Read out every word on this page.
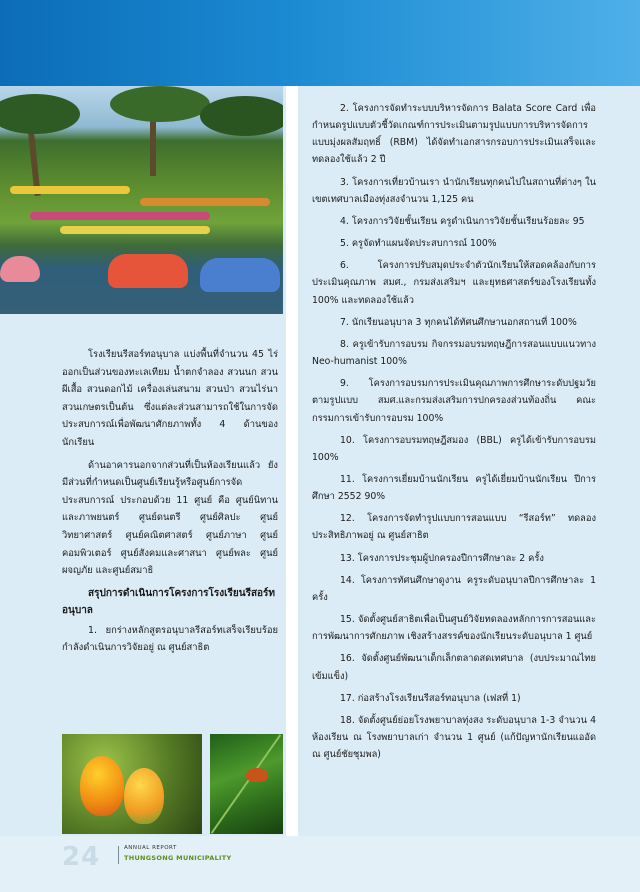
โรงเรียนรีสอร์ทอนุบาล แบ่งพื้นที่จำนวน 45 ไร่ ออกเป็นส่วนของทะเลเทียม น้ำตกจำลอง สวนนก สวนผีเสื้อ สวนดอกไม้ เครื่องเล่นสนาม สวนป่า สวนไร่นา สวนเกษตรเป็นต้น ซึ่งแต่ละส่วนสามารถใช้ในการจัดประสบการณ์เพื่อพัฒนาศักยภาพทั้ง 4 ด้านของนักเรียน

ด้านอาคารนอกจากส่วนที่เป็นห้องเรียนแล้ว ยังมีส่วนที่กำหนดเป็นศูนย์เรียนรู้หรือศูนย์การจัดประสบการณ์ ประกอบด้วย 11 ศูนย์ คือ ศูนย์นิทานและภาพยนตร์ ศูนย์ดนตรี ศูนย์ศิลปะ ศูนย์วิทยาศาสตร์ ศูนย์คณิตศาสตร์ ศูนย์ภาษา ศูนย์คอมพิวเตอร์ ศูนย์สังคมและศาสนา ศูนย์พละ ศูนย์ผจญภัย และศูนย์สมาธิ

สรุปการดำเนินการโครงการโรงเรียนรีสอร์ทอนุบาล

1. ยกร่างหลักสูตรอนุบาลรีสอร์ทเสร็จเรียบร้อยกำลังดำเนินการวิจัยอยู่ ณ ศูนย์สาธิต

2. โครงการจัดทำระบบบริหารจัดการ Balata Score Card เพื่อกำหนดรูปแบบตัวชี้วัดเกณฑ์การประเมินตามรูปแบบการบริหารจัดการแบบมุ่งผลสัมฤทธิ์ (RBM) ได้จัดทำเอกสารกรอบการประเมินเสร็จและทดลองใช้แล้ว 2 ปี

3. โครงการเที่ยวบ้านเรา นำนักเรียนทุกคนไปในสถานที่ต่างๆ ในเขตเทศบาลเมืองทุ่งสงจำนวน 1,125 คน

4. โครงการวิจัยชั้นเรียน ครูดำเนินการวิจัยชั้นเรียนร้อยละ 95

5. ครูจัดทำแผนจัดประสบการณ์ 100%

6. โครงการปรับสมุดประจำตัวนักเรียนให้สอดคล้องกับการประเมินคุณภาพ สมศ., กรมส่งเสริมฯ และยุทธศาสตร์ของโรงเรียนทั้ง 100% และทดลองใช้แล้ว

7. นักเรียนอนุบาล 3 ทุกคนได้ทัศนศึกษานอกสถานที่ 100%

8. ครูเข้ารับการอบรม กิจกรรมอบรมทฤษฎีการสอนแบบแนวทาง Neo-humanist 100%

9. โครงการอบรมการประเมินคุณภาพการศึกษาระดับปฐมวัยตามรูปแบบ สมศ.และกรมส่งเสริมการปกครองส่วนท้องถิ่น คณะกรรมการเข้ารับการอบรม 100%

10. โครงการอบรมทฤษฎีสมอง (BBL) ครูได้เข้ารับการอบรม 100%

11. โครงการเยี่ยมบ้านนักเรียน ครูได้เยี่ยมบ้านนักเรียน ปีการศึกษา 2552 90%

12. โครงการจัดทำรูปแบบการสอนแบบ “รีสอร์ท” ทดลองประสิทธิภาพอยู่ ณ ศูนย์สาธิต

13. โครงการประชุมผู้ปกครองปีการศึกษาละ 2 ครั้ง

14. โครงการทัศนศึกษาดูงาน ครูระดับอนุบาลปีการศึกษาละ 1 ครั้ง

15. จัดตั้งศูนย์สาธิตเพื่อเป็นศูนย์วิจัยทดลองหลักการการสอนและการพัฒนาการศักยภาพ เชิงสร้างสรรค์ของนักเรียนระดับอนุบาล 1 ศูนย์

16. จัดตั้งศูนย์พัฒนาเด็กเล็กตลาดสดเทศบาล (งบประมาณไทยเข้มแข็ง)

17. ก่อสร้างโรงเรียนรีสอร์ทอนุบาล (เฟสที่ 1)

18. จัดตั้งศูนย์ย่อยโรงพยาบาลทุ่งสง ระดับอนุบาล 1-3 จำนวน 4 ห้องเรียน ณ โรงพยาบาลเก่า จำนวน 1 ศูนย์ (แก้ปัญหานักเรียนแออัด ณ ศูนย์ชัยชุมพล)

24	ANNUAL REPORT
THUNGSONG MUNICIPALITY
